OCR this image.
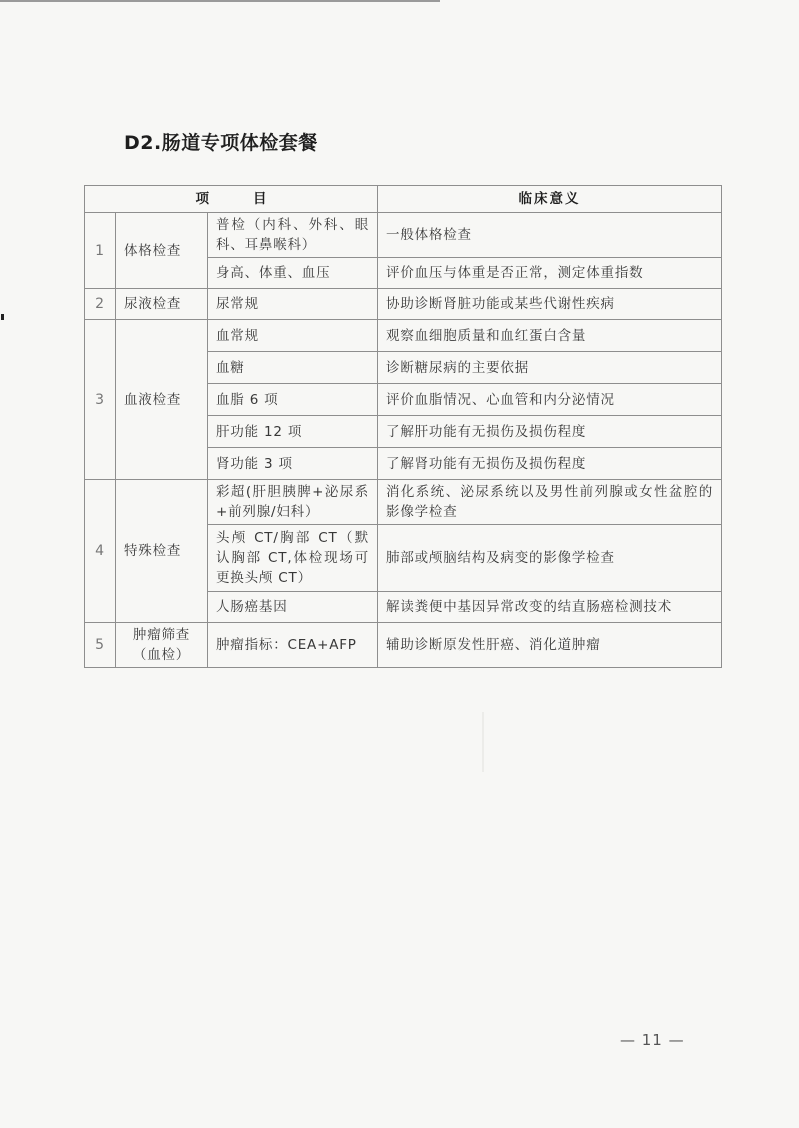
D2.肠道专项体检套餐
项 目			临床意义
1	体格检查	普检（内科、外科、眼科、耳鼻喉科）	一般体格检查
		身高、体重、血压	评价血压与体重是否正常，测定体重指数
2	尿液检查	尿常规	协助诊断肾脏功能或某些代谢性疾病
3	血液检查	血常规	观察血细胞质量和血红蛋白含量
		血糖	诊断糖尿病的主要依据
		血脂 6 项	评价血脂情况、心血管和内分泌情况
		肝功能 12 项	了解肝功能有无损伤及损伤程度
		肾功能 3 项	了解肾功能有无损伤及损伤程度
4	特殊检查	彩超(肝胆胰脾+泌尿系+前列腺/妇科）	消化系统、泌尿系统以及男性前列腺或女性盆腔的影像学检查
		头颅 CT/胸部 CT（默认胸部 CT,体检现场可更换头颅 CT）	肺部或颅脑结构及病变的影像学检查
		人肠癌基因	解读粪便中基因异常改变的结直肠癌检测技术
5	肿瘤筛查（血检）	肿瘤指标：CEA+AFP	辅助诊断原发性肝癌、消化道肿瘤
— 11 —
